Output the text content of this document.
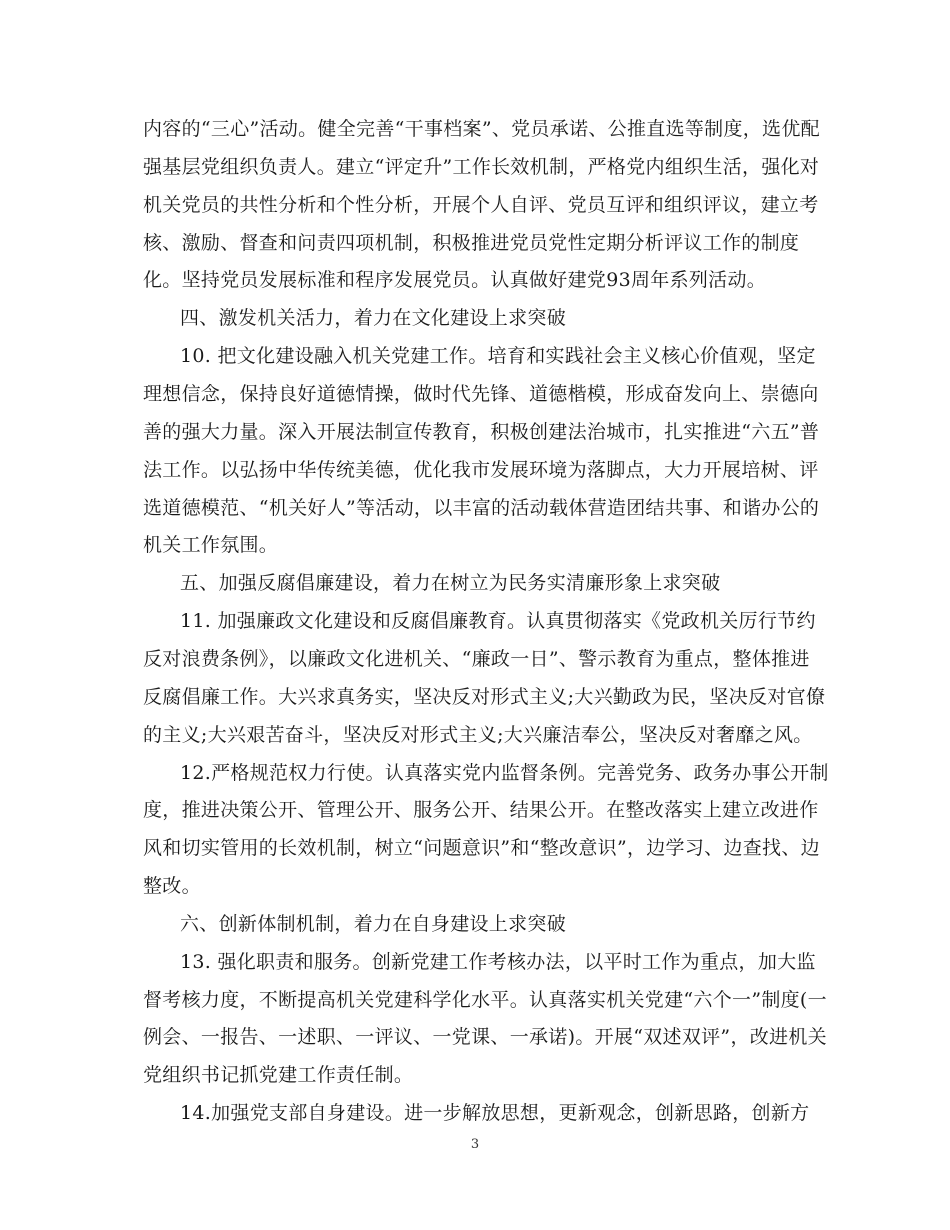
内容的“三心”活动。健全完善“干事档案”、党员承诺、公推直选等制度，选优配
强基层党组织负责人。建立“评定升”工作长效机制，严格党内组织生活，强化对
机关党员的共性分析和个性分析，开展个人自评、党员互评和组织评议，建立考
核、激励、督查和问责四项机制，积极推进党员党性定期分析评议工作的制度
化。坚持党员发展标准和程序发展党员。认真做好建党93周年系列活动。
四、激发机关活力，着力在文化建设上求突破
10. 把文化建设融入机关党建工作。培育和实践社会主义核心价值观，坚定
理想信念，保持良好道德情操，做时代先锋、道德楷模，形成奋发向上、崇德向
善的强大力量。深入开展法制宣传教育，积极创建法治城市，扎实推进“六五”普
法工作。以弘扬中华传统美德，优化我市发展环境为落脚点，大力开展培树、评
选道德模范、“机关好人”等活动，以丰富的活动载体营造团结共事、和谐办公的
机关工作氛围。
五、加强反腐倡廉建设，着力在树立为民务实清廉形象上求突破
11. 加强廉政文化建设和反腐倡廉教育。认真贯彻落实《党政机关厉行节约
反对浪费条例》，以廉政文化进机关、“廉政一日”、警示教育为重点，整体推进
反腐倡廉工作。大兴求真务实，坚决反对形式主义;大兴勤政为民，坚决反对官僚
的主义;大兴艰苦奋斗，坚决反对形式主义;大兴廉洁奉公，坚决反对奢靡之风。
12.严格规范权力行使。认真落实党内监督条例。完善党务、政务办事公开制
度，推进决策公开、管理公开、服务公开、结果公开。在整改落实上建立改进作
风和切实管用的长效机制，树立“问题意识”和“整改意识”，边学习、边查找、边
整改。
六、创新体制机制，着力在自身建设上求突破
13. 强化职责和服务。创新党建工作考核办法，以平时工作为重点，加大监
督考核力度，不断提高机关党建科学化水平。认真落实机关党建“六个一”制度(一
例会、一报告、一述职、一评议、一党课、一承诺)。开展“双述双评”，改进机关
党组织书记抓党建工作责任制。
14.加强党支部自身建设。进一步解放思想，更新观念，创新思路，创新方
3
